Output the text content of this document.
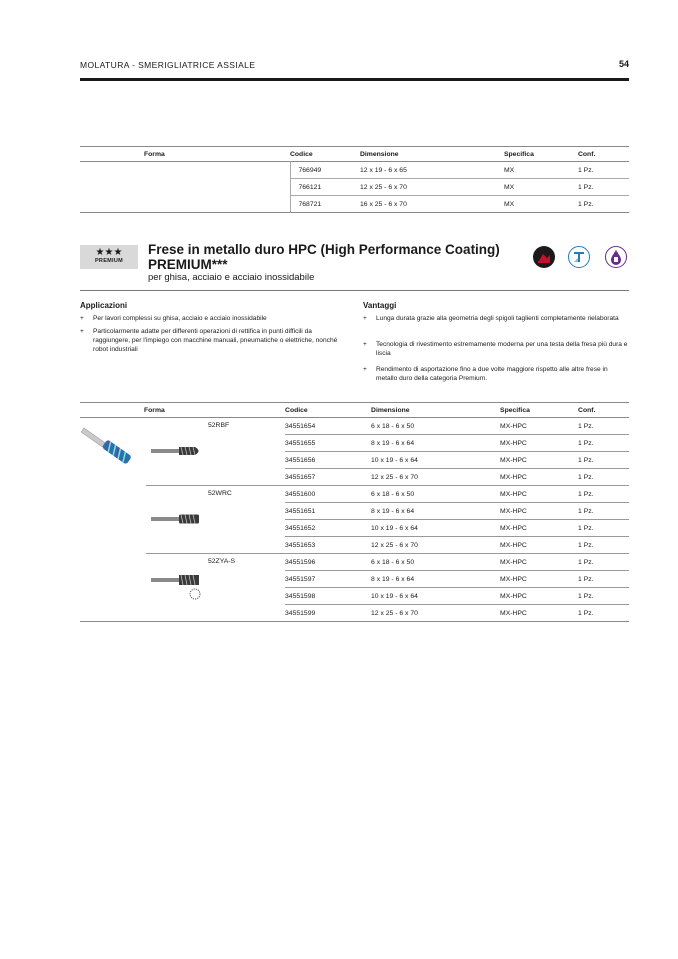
MOLATURA - SMERIGLIATRICE ASSIALE	54
Forma	Codice	Dimensione	Specifica	Conf.
	766949	12 x 19 - 6 x 65	MX	1 Pz.
	766121	12 x 25 - 6 x 70	MX	1 Pz.
	768721	16 x 25 - 6 x 70	MX	1 Pz.
★★★
PREMIUM
Frese in metallo duro HPC (High Performance Coating) PREMIUM***
per ghisa, acciaio e acciaio inossidabile
Applicazioni
+ Per lavori complessi su ghisa, acciaio e acciaio inossidabile
+ Particolarmente adatte per differenti operazioni di rettifica in punti difficili da raggiungere, per l'impiego con macchine manuali, pneumatiche o elettriche, nonché robot industriali
Vantaggi
+ Lunga durata grazie alla geometria degli spigoli taglienti completamente rielaborata
+ Tecnologia di rivestimento estremamente moderna per una testa della fresa più dura e liscia
+ Rendimento di asportazione fino a due volte maggiore rispetto alle altre frese in metallo duro della categoria Premium.
Forma			Codice	Dimensione	Specifica	Conf.
		52RBF	34551654	6 x 18 - 6 x 50	MX-HPC	1 Pz.
			34551655	8 x 19 - 6 x 64	MX-HPC	1 Pz.
			34551656	10 x 19 - 6 x 64	MX-HPC	1 Pz.
			34551657	12 x 25 - 6 x 70	MX-HPC	1 Pz.
	52WRC	34551600	6 x 18 - 6 x 50	MX-HPC	1 Pz.
			34551651	8 x 19 - 6 x 64	MX-HPC	1 Pz.
			34551652	10 x 19 - 6 x 64	MX-HPC	1 Pz.
			34551653	12 x 25 - 6 x 70	MX-HPC	1 Pz.
	52ZYA-S	34551596	6 x 18 - 6 x 50	MX-HPC	1 Pz.
			34551597	8 x 19 - 6 x 64	MX-HPC	1 Pz.
			34551598	10 x 19 - 6 x 64	MX-HPC	1 Pz.
			34551599	12 x 25 - 6 x 70	MX-HPC	1 Pz.
